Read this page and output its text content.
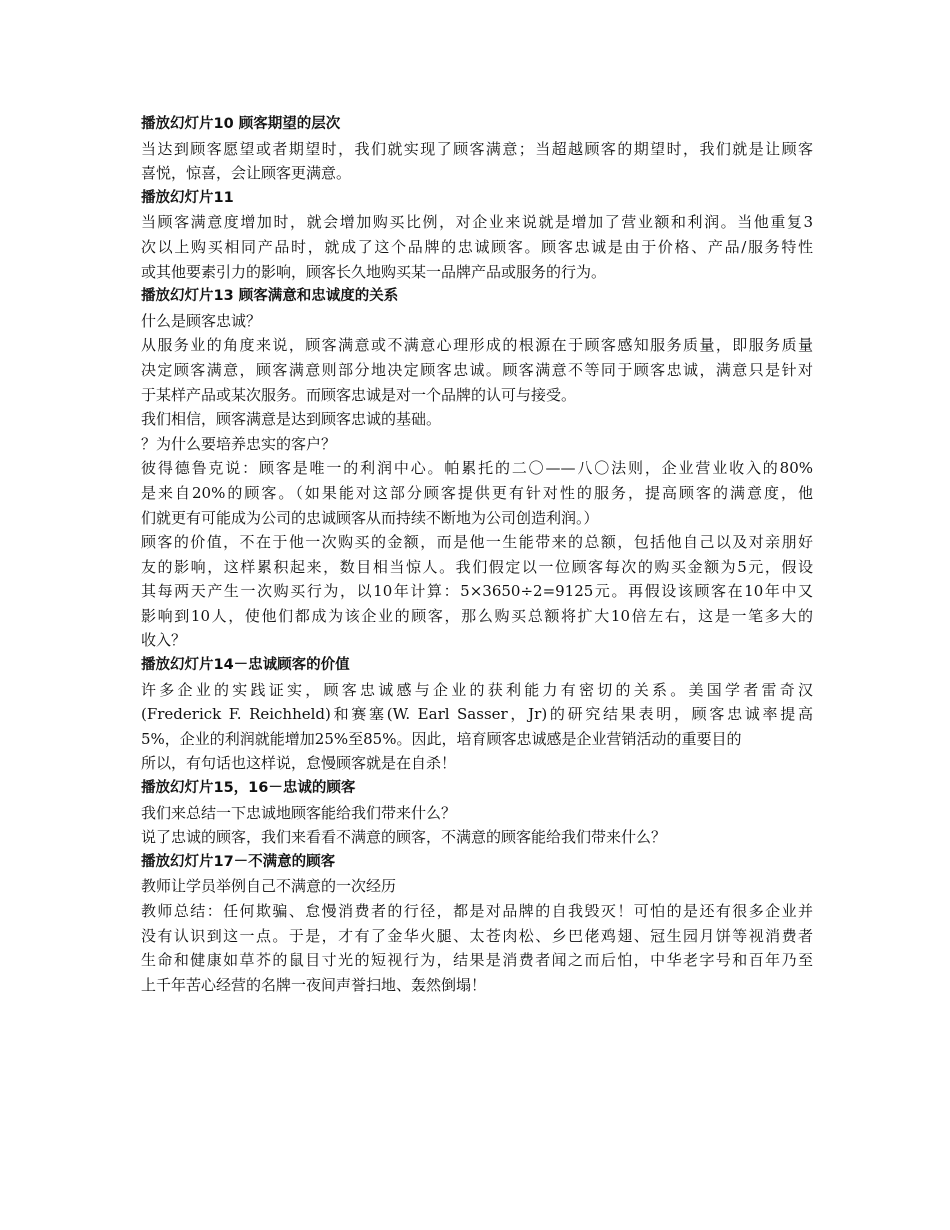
播放幻灯片10 顾客期望的层次
当达到顾客愿望或者期望时，我们就实现了顾客满意；当超越顾客的期望时，我们就是让顾客
喜悦，惊喜，会让顾客更满意。
播放幻灯片11
当顾客满意度增加时，就会增加购买比例，对企业来说就是增加了营业额和利润。当他重复3
次以上购买相同产品时，就成了这个品牌的忠诚顾客。顾客忠诚是由于价格、产品/服务特性
或其他要素引力的影响，顾客长久地购买某一品牌产品或服务的行为。
播放幻灯片13 顾客满意和忠诚度的关系
什么是顾客忠诚？
从服务业的角度来说，顾客满意或不满意心理形成的根源在于顾客感知服务质量，即服务质量
决定顾客满意，顾客满意则部分地决定顾客忠诚。顾客满意不等同于顾客忠诚，满意只是针对
于某样产品或某次服务。而顾客忠诚是对一个品牌的认可与接受。
我们相信，顾客满意是达到顾客忠诚的基础。
？为什么要培养忠实的客户？
彼得德鲁克说：顾客是唯一的利润中心。帕累托的二〇——八〇法则，企业营业收入的80%
是来自20%的顾客。（如果能对这部分顾客提供更有针对性的服务，提高顾客的满意度，他
们就更有可能成为公司的忠诚顾客从而持续不断地为公司创造利润。）
顾客的价值，不在于他一次购买的金额，而是他一生能带来的总额，包括他自己以及对亲朋好
友的影响，这样累积起来，数目相当惊人。我们假定以一位顾客每次的购买金额为5元，假设
其每两天产生一次购买行为，以10年计算：5×3650÷2=9125元。再假设该顾客在10年中又
影响到10人，使他们都成为该企业的顾客，那么购买总额将扩大10倍左右，这是一笔多大的
收入？
播放幻灯片14－忠诚顾客的价值
许多企业的实践证实，顾客忠诚感与企业的获利能力有密切的关系。美国学者雷奇汉
(Frederick F. Reichheld)和赛塞(W. Earl Sasser，Jr)的研究结果表明，顾客忠诚率提高
5%，企业的利润就能增加25%至85%。因此，培育顾客忠诚感是企业营销活动的重要目的
所以，有句话也这样说，怠慢顾客就是在自杀！
播放幻灯片15，16－忠诚的顾客
我们来总结一下忠诚地顾客能给我们带来什么？
说了忠诚的顾客，我们来看看不满意的顾客，不满意的顾客能给我们带来什么？
播放幻灯片17－不满意的顾客
教师让学员举例自己不满意的一次经历
教师总结：任何欺骗、怠慢消费者的行径，都是对品牌的自我毁灭！可怕的是还有很多企业并
没有认识到这一点。于是，才有了金华火腿、太苍肉松、乡巴佬鸡翅、冠生园月饼等视消费者
生命和健康如草芥的鼠目寸光的短视行为，结果是消费者闻之而后怕，中华老字号和百年乃至
上千年苦心经营的名牌一夜间声誉扫地、轰然倒塌！
